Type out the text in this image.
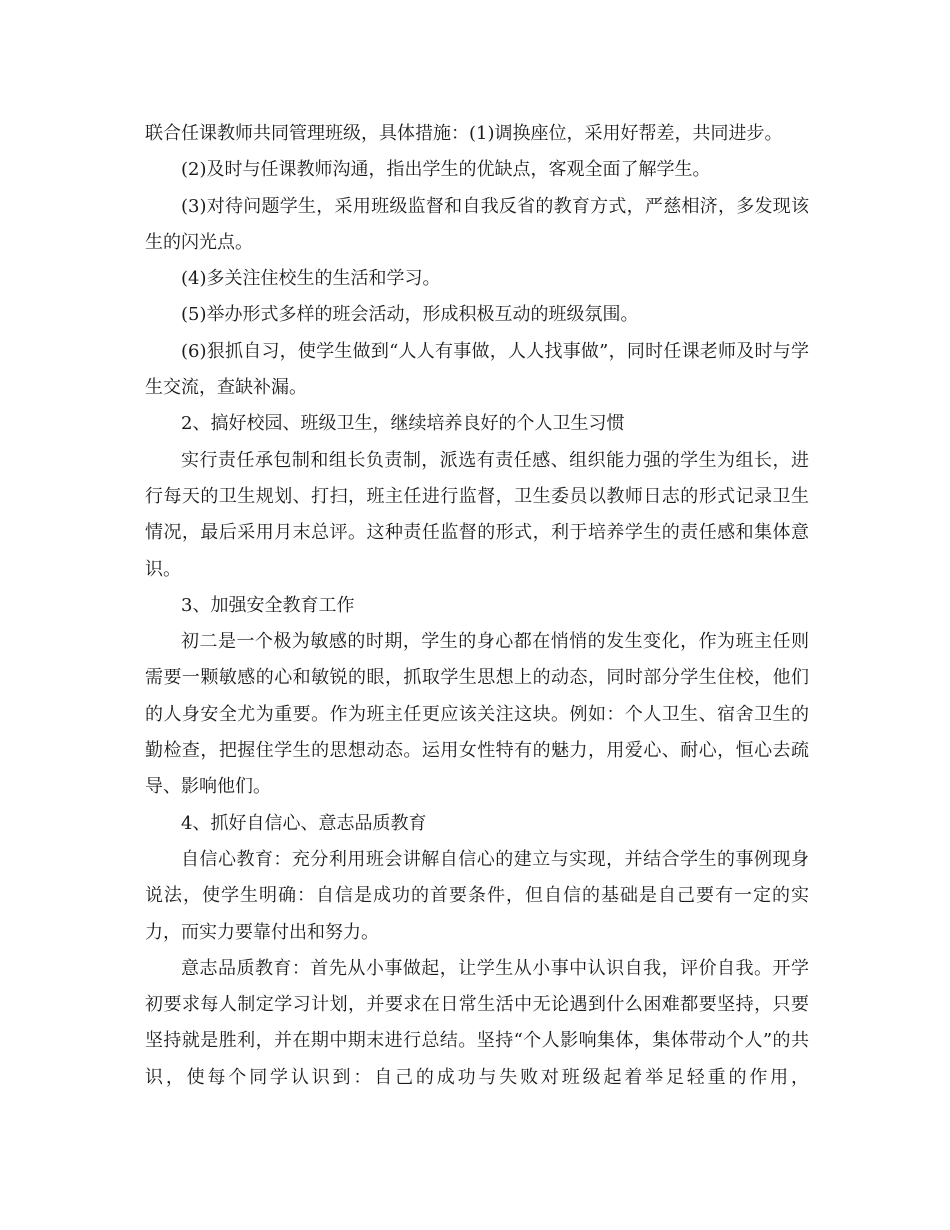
联合任课教师共同管理班级，具体措施：(1)调换座位，采用好帮差，共同进步。

(2)及时与任课教师沟通，指出学生的优缺点，客观全面了解学生。

(3)对待问题学生，采用班级监督和自我反省的教育方式，严慈相济，多发现该生的闪光点。

(4)多关注住校生的生活和学习。

(5)举办形式多样的班会活动，形成积极互动的班级氛围。

(6)狠抓自习，使学生做到“人人有事做，人人找事做”，同时任课老师及时与学生交流，查缺补漏。

2、搞好校园、班级卫生，继续培养良好的个人卫生习惯

实行责任承包制和组长负责制，派选有责任感、组织能力强的学生为组长，进行每天的卫生规划、打扫，班主任进行监督，卫生委员以教师日志的形式记录卫生情况，最后采用月末总评。这种责任监督的形式，利于培养学生的责任感和集体意识。

3、加强安全教育工作

初二是一个极为敏感的时期，学生的身心都在悄悄的发生变化，作为班主任则需要一颗敏感的心和敏锐的眼，抓取学生思想上的动态，同时部分学生住校，他们的人身安全尤为重要。作为班主任更应该关注这块。例如：个人卫生、宿舍卫生的勤检查，把握住学生的思想动态。运用女性特有的魅力，用爱心、耐心，恒心去疏导、影响他们。

4、抓好自信心、意志品质教育

自信心教育：充分利用班会讲解自信心的建立与实现，并结合学生的事例现身说法，使学生明确：自信是成功的首要条件，但自信的基础是自己要有一定的实力，而实力要靠付出和努力。

意志品质教育：首先从小事做起，让学生从小事中认识自我，评价自我。开学初要求每人制定学习计划，并要求在日常生活中无论遇到什么困难都要坚持，只要坚持就是胜利，并在期中期末进行总结。坚持“个人影响集体，集体带动个人”的共识，使每个同学认识到：自己的成功与失败对班级起着举足轻重的作用，
